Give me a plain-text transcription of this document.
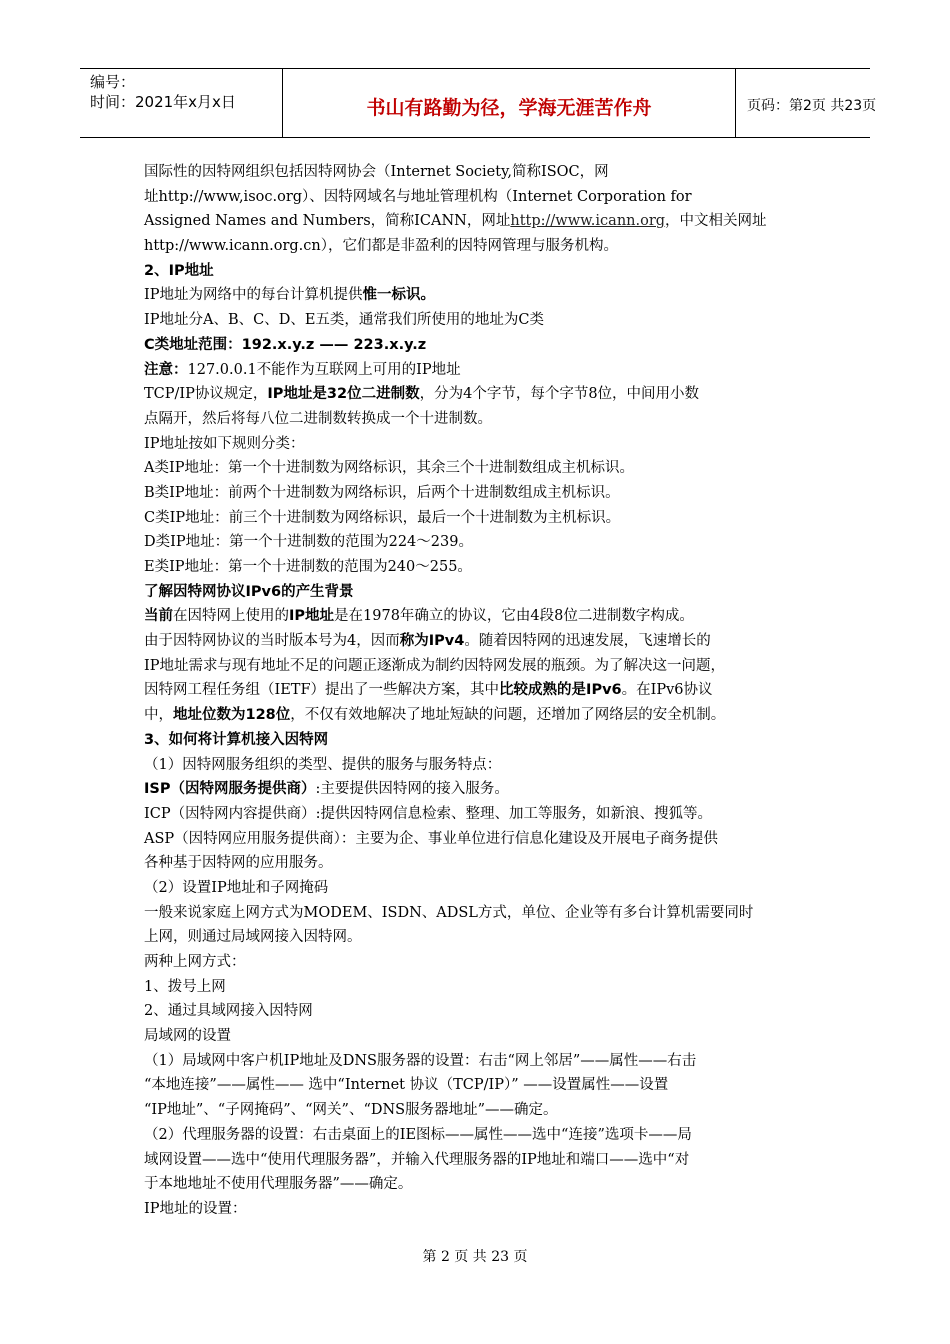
编号：
时间：2021年x月x日	书山有路勤为径，学海无涯苦作舟	页码：第2页 共23页
国际性的因特网组织包括因特网协会（Internet Society,简称ISOC，网
址http://www,isoc.org）、因特网域名与地址管理机构（Internet Corporation for
Assigned Names and Numbers，简称ICANN，网址http://www.icann.org，中文相关网址
http://www.icann.org.cn），它们都是非盈利的因特网管理与服务机构。
2、IP地址
IP地址为网络中的每台计算机提供惟一标识。
IP地址分A、B、C、D、E五类，通常我们所使用的地址为C类
C类地址范围：192.x.y.z —— 223.x.y.z
注意：127.0.0.1不能作为互联网上可用的IP地址
TCP/IP协议规定，IP地址是32位二进制数，分为4个字节，每个字节8位，中间用小数
点隔开，然后将每八位二进制数转换成一个十进制数。
IP地址按如下规则分类：
A类IP地址：第一个十进制数为网络标识，其余三个十进制数组成主机标识。
B类IP地址：前两个十进制数为网络标识，后两个十进制数组成主机标识。
C类IP地址：前三个十进制数为网络标识，最后一个十进制数为主机标识。
D类IP地址：第一个十进制数的范围为224～239。
E类IP地址：第一个十进制数的范围为240～255。
了解因特网协议IPv6的产生背景
当前在因特网上使用的IP地址是在1978年确立的协议，它由4段8位二进制数字构成。
由于因特网协议的当时版本号为4，因而称为IPv4。随着因特网的迅速发展，飞速增长的
IP地址需求与现有地址不足的问题正逐渐成为制约因特网发展的瓶颈。为了解决这一问题，
因特网工程任务组（IETF）提出了一些解决方案，其中比较成熟的是IPv6。在IPv6协议
中，地址位数为128位，不仅有效地解决了地址短缺的问题，还增加了网络层的安全机制。
3、如何将计算机接入因特网
（1）因特网服务组织的类型、提供的服务与服务特点：
ISP（因特网服务提供商）:主要提供因特网的接入服务。
ICP（因特网内容提供商）:提供因特网信息检索、整理、加工等服务，如新浪、搜狐等。
ASP（因特网应用服务提供商）：主要为企、事业单位进行信息化建设及开展电子商务提供
各种基于因特网的应用服务。
（2）设置IP地址和子网掩码
一般来说家庭上网方式为MODEM、ISDN、ADSL方式，单位、企业等有多台计算机需要同时
上网，则通过局域网接入因特网。
两种上网方式：
1、拨号上网
2、通过具域网接入因特网
局域网的设置
（1）局域网中客户机IP地址及DNS服务器的设置：右击“网上邻居”——属性——右击
“本地连接”——属性—— 选中“Internet 协议（TCP/IP）” ——设置属性——设置
“IP地址”、“子网掩码”、“网关”、“DNS服务器地址”——确定。
（2）代理服务器的设置：右击桌面上的IE图标——属性——选中“连接”选项卡——局
域网设置——选中“使用代理服务器”，并输入代理服务器的IP地址和端口——选中“对
于本地地址不使用代理服务器”——确定。
IP地址的设置：
第 2 页 共 23 页
